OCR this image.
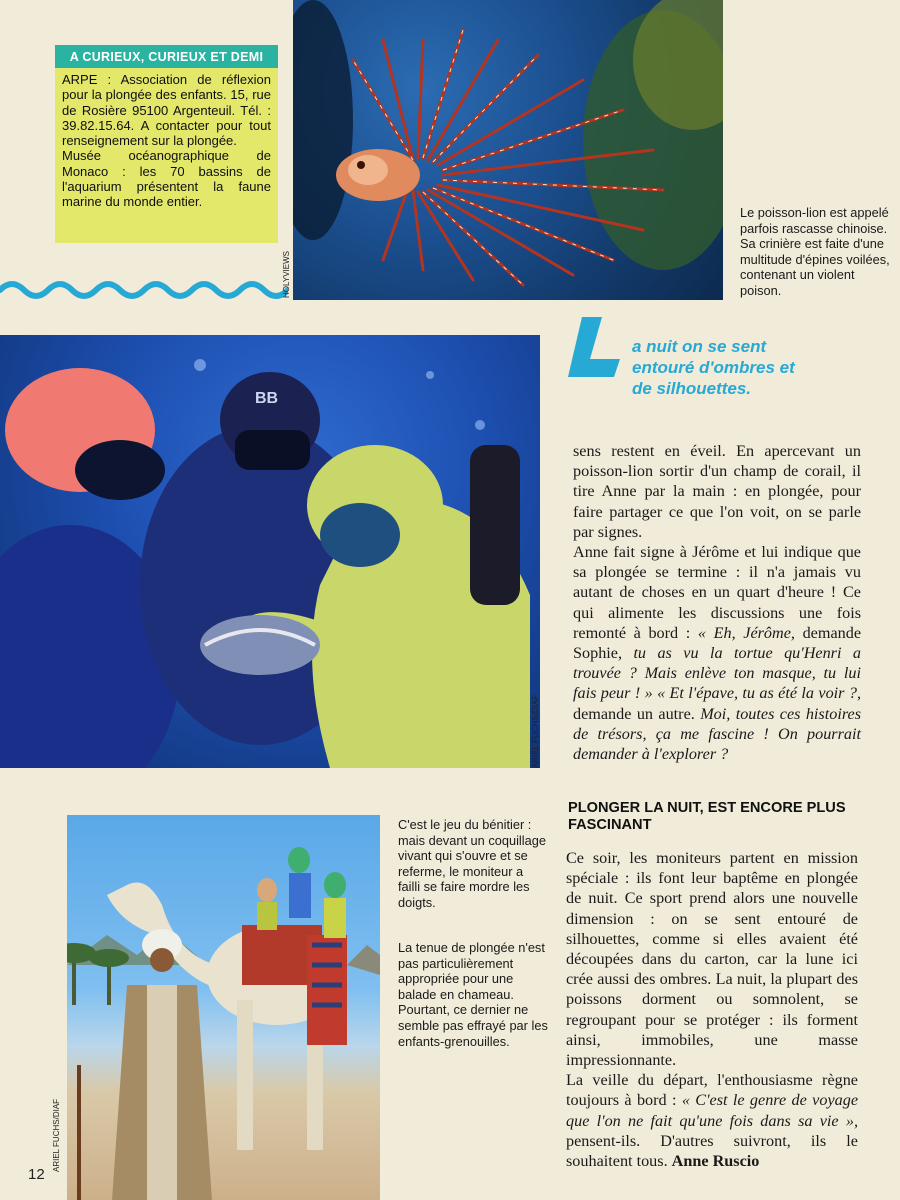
A CURIEUX, CURIEUX ET DEMI
ARPE : Association de réflexion pour la plongée des enfants. 15, rue de Rosière 95100 Argenteuil. Tél. : 39.82.15.64. A contacter pour tout renseignement sur la plongée.
Musée océanographique de Monaco : les 70 bassins de l'aquarium présentent la faune marine du monde entier.
HOLYVIEWS
Le poisson-lion est appelé parfois rascasse chinoise. Sa crinière est faite d'une multitude d'épines voilées, contenant un violent poison.
BB
ARIEL FUCHS/DIAF
a nuit on se sent entouré d'ombres et de silhouettes.

sens restent en éveil. En apercevant un poisson-lion sortir d'un champ de corail, il tire Anne par la main : en plongée, pour faire partager ce que l'on voit, on se parle par signes.

Anne fait signe à Jérôme et lui indique que sa plongée se termine : il n'a jamais vu autant de choses en un quart d'heure ! Ce qui alimente les discussions une fois remonté à bord : « Eh, Jérôme, demande Sophie, tu as vu la tortue qu'Henri a trouvée ? Mais enlève ton masque, tu lui fais peur ! » « Et l'épave, tu as été la voir ?, demande un autre. Moi, toutes ces histoires de trésors, ça me fascine ! On pourrait demander à l'explorer ?

PLONGER LA NUIT, EST ENCORE PLUS FASCINANT

Ce soir, les moniteurs partent en mission spéciale : ils font leur baptême en plongée de nuit. Ce sport prend alors une nouvelle dimension : on se sent entouré de silhouettes, comme si elles avaient été découpées dans du carton, car la lune ici crée aussi des ombres. La nuit, la plupart des poissons dorment ou somnolent, se regroupant pour se protéger : ils forment ainsi, immobiles, une masse impressionnante.

La veille du départ, l'enthousiasme règne toujours à bord : « C'est le genre de voyage que l'on ne fait qu'une fois dans sa vie », pensent-ils. D'autres suivront, ils le souhaitent tous. Anne Ruscio

ARIEL FUCHS/DIAF
C'est le jeu du bénitier : mais devant un coquillage vivant qui s'ouvre et se referme, le moniteur a failli se faire mordre les doigts.
La tenue de plongée n'est pas particulièrement appropriée pour une balade en chameau. Pourtant, ce dernier ne semble pas effrayé par les enfants-grenouilles.
12
